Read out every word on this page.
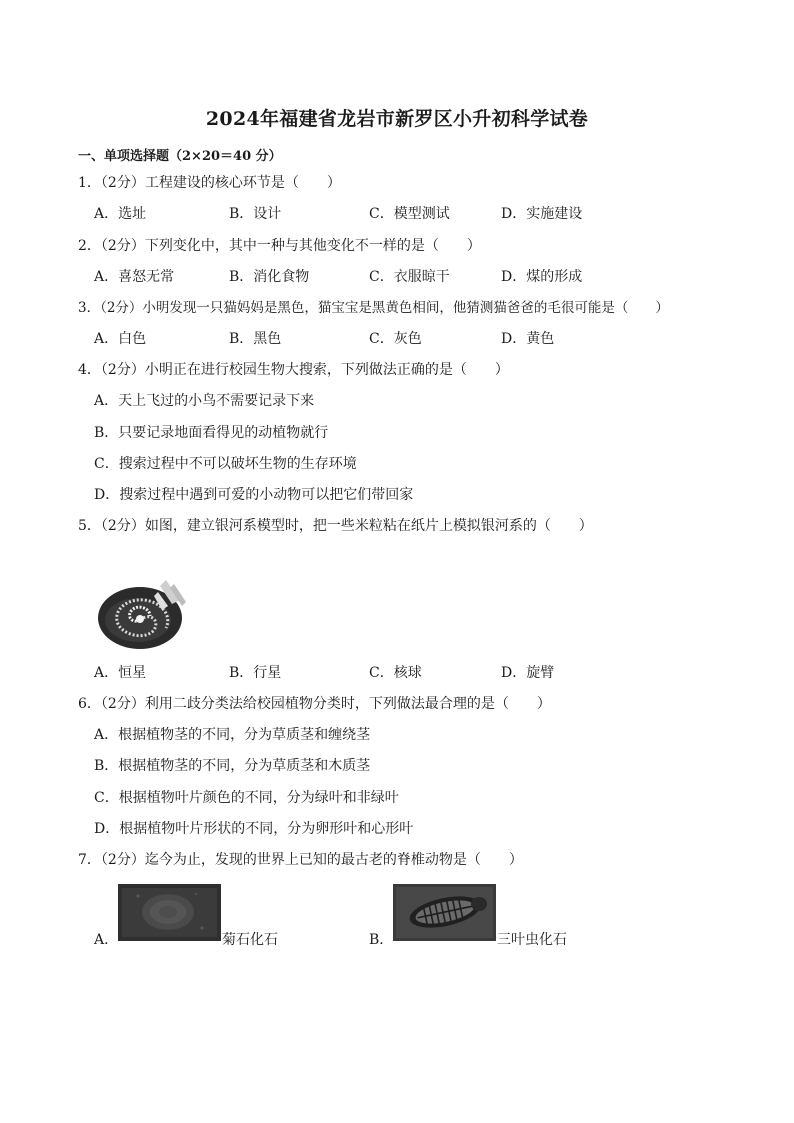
2024年福建省龙岩市新罗区小升初科学试卷
一、单项选择题（2×20＝40 分）
1．（2分）工程建设的核心环节是（　　）
A．选址	B．设计	C．模型测试	D．实施建设
2．（2分）下列变化中，其中一种与其他变化不一样的是（　　）
A．喜怒无常	B．消化食物	C．衣服晾干	D．煤的形成
3．（2分）小明发现一只猫妈妈是黑色，猫宝宝是黑黄色相间，他猜测猫爸爸的毛很可能是（　　）
A．白色	B．黑色	C．灰色	D．黄色
4．（2分）小明正在进行校园生物大搜索，下列做法正确的是（　　）
A．天上飞过的小鸟不需要记录下来
B．只要记录地面看得见的动植物就行
C．搜索过程中不可以破坏生物的生存环境
D．搜索过程中遇到可爱的小动物可以把它们带回家
5．（2分）如图，建立银河系模型时，把一些米粒粘在纸片上模拟银河系的（　　）
A．恒星	B．行星	C．核球	D．旋臂
6．（2分）利用二歧分类法给校园植物分类时，下列做法最合理的是（　　）
A．根据植物茎的不同，分为草质茎和缠绕茎
B．根据植物茎的不同，分为草质茎和木质茎
C．根据植物叶片颜色的不同，分为绿叶和非绿叶
D．根据植物叶片形状的不同，分为卵形叶和心形叶
7．（2分）迄今为止，发现的世界上已知的最古老的脊椎动物是（　　）
A．	菊石化石	B．	三叶虫化石
